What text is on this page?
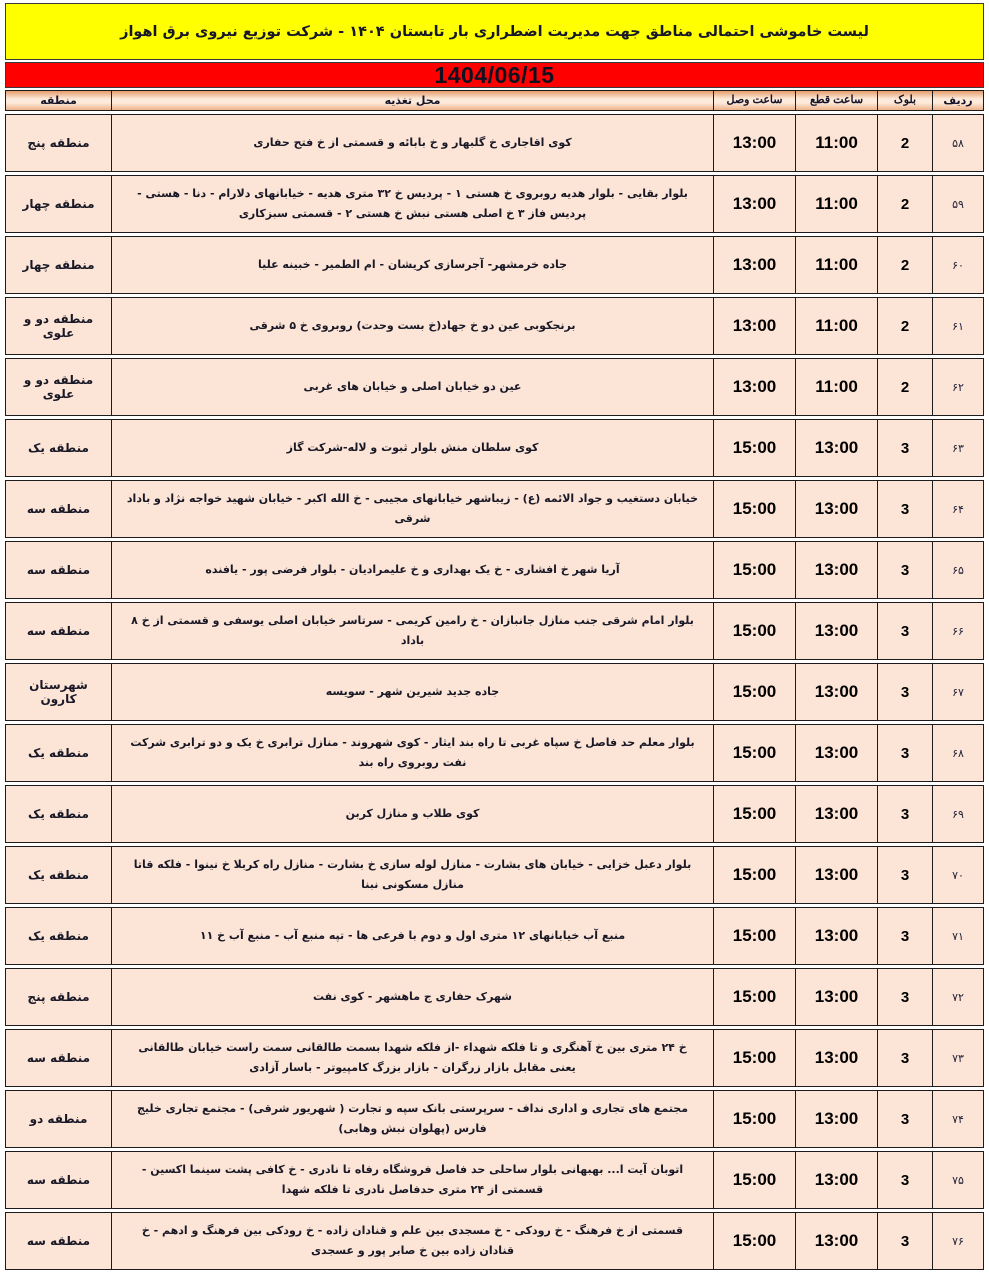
لیست خاموشی احتمالی مناطق جهت مدیریت اضطراری بار تابستان ۱۴۰۴ - شرکت توزیع نیروی برق اهواز
1404/06/15
ردیف
بلوک
ساعت قطع
ساعت وصل
محل تغذیه
منطقه
۵۸
2
11:00
13:00
کوی اقاجاری خ گلبهار و خ بابائه و قسمتی از خ فتح حفاری
منطقه پنج
۵۹
2
11:00
13:00
بلوار بقایی - بلوار هدیه روبروی خ هستی ۱ - پردیس خ ۳۲ متری هدیه - خیابانهای دلارام - دنا - هستی - پردیس فاز ۳ خ اصلی هستی نبش خ هستی ۲ - قسمتی سبزکاری
منطقه چهار
۶۰
2
11:00
13:00
جاده خرمشهر- آجرسازی کریشان - ام الطمیر - خبینه علیا
منطقه چهار
۶۱
2
11:00
13:00
برنجکوبی عین دو خ جهاد(خ بست وحدت) روبروی خ ۵ شرقی
منطقه دو و علوی
۶۲
2
11:00
13:00
عین دو خیابان اصلی و خیابان های غربی
منطقه دو و علوی
۶۳
3
13:00
15:00
کوی سلطان منش بلوار ثبوت و لاله-شرکت گاز
منطقه یک
۶۴
3
13:00
15:00
خیابان دستغیب و جواد الائمه (ع) - زیباشهر خیابانهای مجیبی - خ الله اکبر - خیابان شهید خواجه نژاد و باداد شرقی
منطقه سه
۶۵
3
13:00
15:00
آریا شهر خ افشاری - خ یک بهداری و خ علیمرادیان - بلوار فرضی پور - یافنده
منطقه سه
۶۶
3
13:00
15:00
بلوار امام شرقی جنب منازل جانبازان - خ رامین کریمی - سرتاسر خیابان اصلی یوسفی و قسمتی از خ ۸ باداد
منطقه سه
۶۷
3
13:00
15:00
جاده جدید شیرین شهر - سویسه
شهرستان کارون
۶۸
3
13:00
15:00
بلوار معلم حد فاصل خ سپاه غربی تا راه بند ایثار - کوی شهروند - منازل ترابری خ یک و دو ترابری شرکت نفت روبروی راه بند
منطقه یک
۶۹
3
13:00
15:00
کوی طلاب و منازل کربن
منطقه یک
۷۰
3
13:00
15:00
بلوار دعبل خزایی - خیابان های بشارت - منازل لوله سازی خ بشارت - منازل راه کربلا خ نینوا - فلکه قاتا منازل مسکونی نبنا
منطقه یک
۷۱
3
13:00
15:00
منبع آب خیابانهای ۱۲ متری اول و دوم با فرعی ها - تپه منبع آب - منبع آب خ ۱۱
منطقه یک
۷۲
3
13:00
15:00
شهرک حفاری ج ماهشهر - کوی نفت
منطقه پنج
۷۳
3
13:00
15:00
خ ۲۴ متری بین خ آهنگری و تا فلکه شهداء -از فلکه شهدا بسمت طالقانی سمت راست خیابان طالقانی یعنی مقابل بازار زرگران - بازار بزرگ کامپیوتر - باسار آزادی
منطقه سه
۷۴
3
13:00
15:00
مجتمع های تجاری و اداری نداف - سرپرستی بانک سپه و تجارت ( شهریور شرقی) - مجتمع تجاری خلیج فارس (پهلوان نبش وهابی)
منطقه دو
۷۵
3
13:00
15:00
اتوبان آیت ا... بهبهانی بلوار ساحلی حد فاصل فروشگاه رفاه تا نادری - خ کافی پشت سینما اکسین - قسمتی از ۲۴ متری حدفاصل نادری تا فلکه شهدا
منطقه سه
۷۶
3
13:00
15:00
قسمتی از خ فرهنگ - خ رودکی - خ مسجدی بین علم و قنادان زاده - خ رودکی بین فرهنگ و ادهم - خ قنادان زاده بین خ صابر پور و عسجدی
منطقه سه
